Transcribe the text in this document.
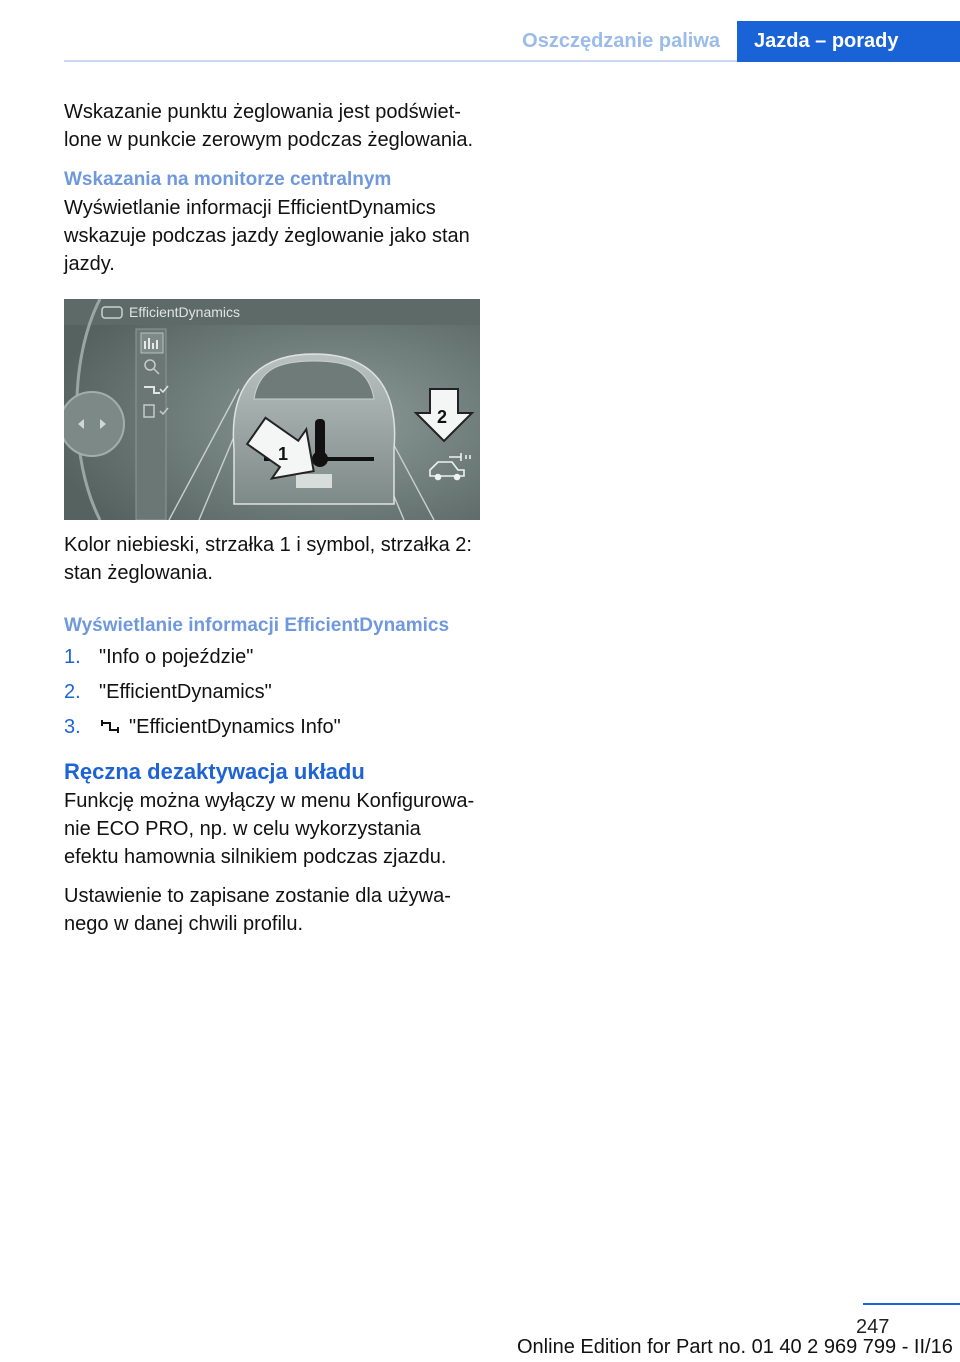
Oszczędzanie paliwa	Jazda – porady

Wskazanie punktu żeglowania jest podświet‐lone w punkcie zerowym podczas żeglowania.

Wskazania na monitorze centralnym

Wyświetlanie informacji EfficientDynamics wskazuje podczas jazdy żeglowanie jako stan jazdy.

EfficientDynamics
1
2

Kolor niebieski, strzałka 1 i symbol, strzałka 2: stan żeglowania.

Wyświetlanie informacji EfficientDynamics

1. "Info o pojeździe"
2. "EfficientDynamics"
3. "EfficientDynamics Info"

Ręczna dezaktywacja układu

Funkcję można wyłączy w menu Konfigurowa‐nie ECO PRO, np. w celu wykorzystania efektu hamownia silnikiem podczas zjazdu.

Ustawienie to zapisane zostanie dla używa‐nego w danej chwili profilu.

247
Online Edition for Part no. 01 40 2 969 799 - II/16
